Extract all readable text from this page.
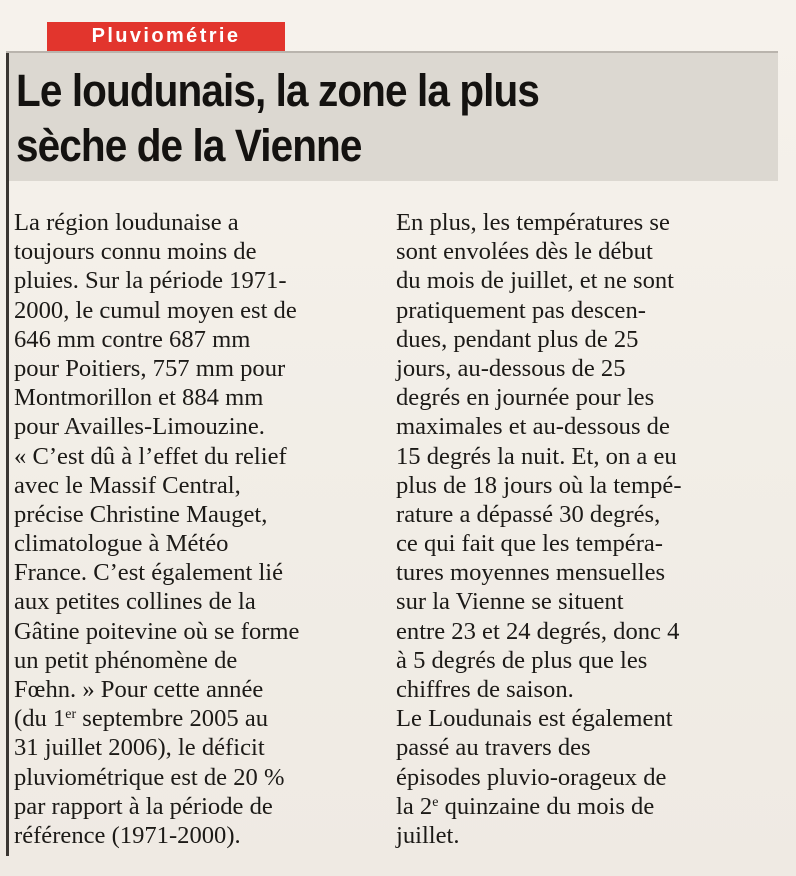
Pluviométrie
Le loudunais, la zone la plus
sèche de la Vienne
La région loudunaise a
toujours connu moins de
pluies. Sur la période 1971-
2000, le cumul moyen est de
646 mm contre 687 mm
pour Poitiers, 757 mm pour
Montmorillon et 884 mm
pour Availles-Limouzine.
« C’est dû à l’effet du relief
avec le Massif Central,
précise Christine Mauget,
climatologue à Météo
France. C’est également lié
aux petites collines de la
Gâtine poitevine où se forme
un petit phénomène de
Fœhn. » Pour cette année
(du 1er septembre 2005 au
31 juillet 2006), le déficit
pluviométrique est de 20 %
par rapport à la période de
référence (1971-2000).
En plus, les températures se
sont envolées dès le début
du mois de juillet, et ne sont
pratiquement pas descen-
dues, pendant plus de 25
jours, au-dessous de 25
degrés en journée pour les
maximales et au-dessous de
15 degrés la nuit. Et, on a eu
plus de 18 jours où la tempé-
rature a dépassé 30 degrés,
ce qui fait que les tempéra-
tures moyennes mensuelles
sur la Vienne se situent
entre 23 et 24 degrés, donc 4
à 5 degrés de plus que les
chiffres de saison.
Le Loudunais est également
passé au travers des
épisodes pluvio-orageux de
la 2e quinzaine du mois de
juillet.
